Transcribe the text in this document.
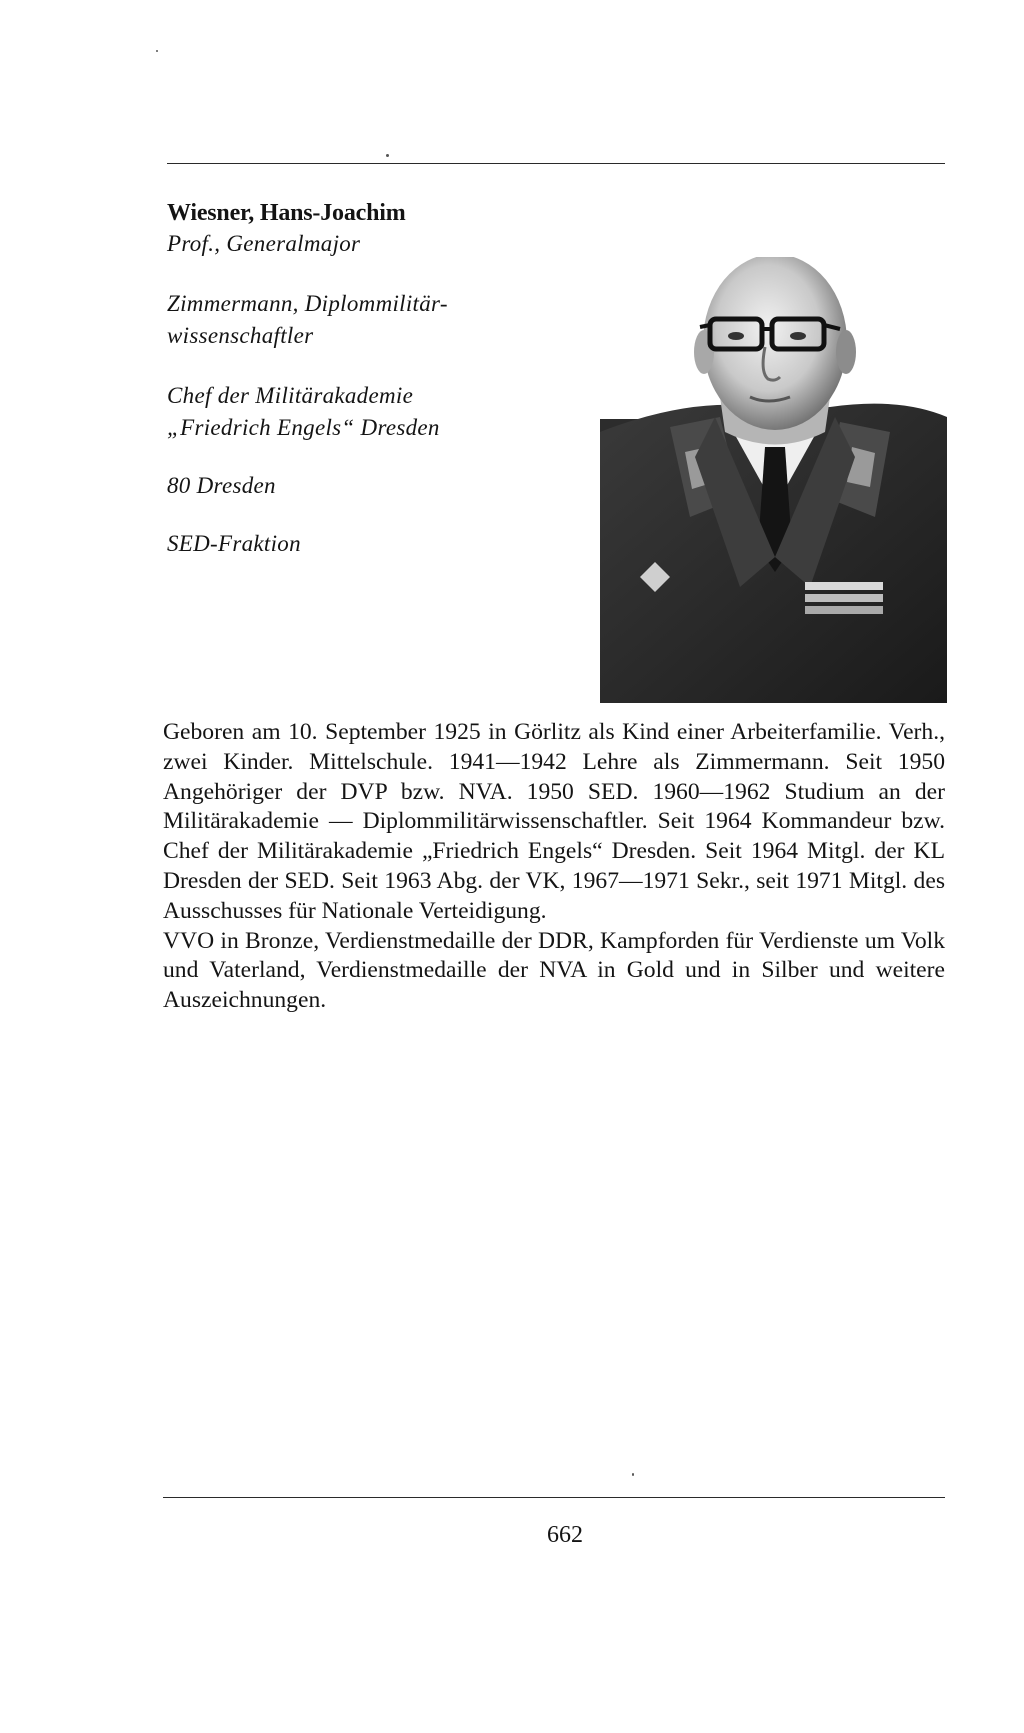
Wiesner, Hans-Joachim
Prof., Generalmajor
Zimmermann, Diplommilitär-
wissenschaftler
Chef der Militärakademie
„Friedrich Engels“ Dresden
80 Dresden
SED-Fraktion

Geboren am 10. September 1925 in Görlitz als Kind einer Arbeiterfamilie. Verh., zwei Kinder. Mittelschule. 1941—1942 Lehre als Zimmermann. Seit 1950 Angehöriger der DVP bzw. NVA. 1950 SED. 1960—1962 Studium an der Militärakademie — Diplommilitärwissenschaftler. Seit 1964 Kommandeur bzw. Chef der Militärakademie „Friedrich Engels“ Dresden. Seit 1964 Mitgl. der KL Dresden der SED. Seit 1963 Abg. der VK, 1967—1971 Sekr., seit 1971 Mitgl. des Ausschusses für Nationale Verteidigung.

VVO in Bronze, Verdienstmedaille der DDR, Kampforden für Verdienste um Volk und Vaterland, Verdienstmedaille der NVA in Gold und in Silber und weitere Auszeichnungen.

662
